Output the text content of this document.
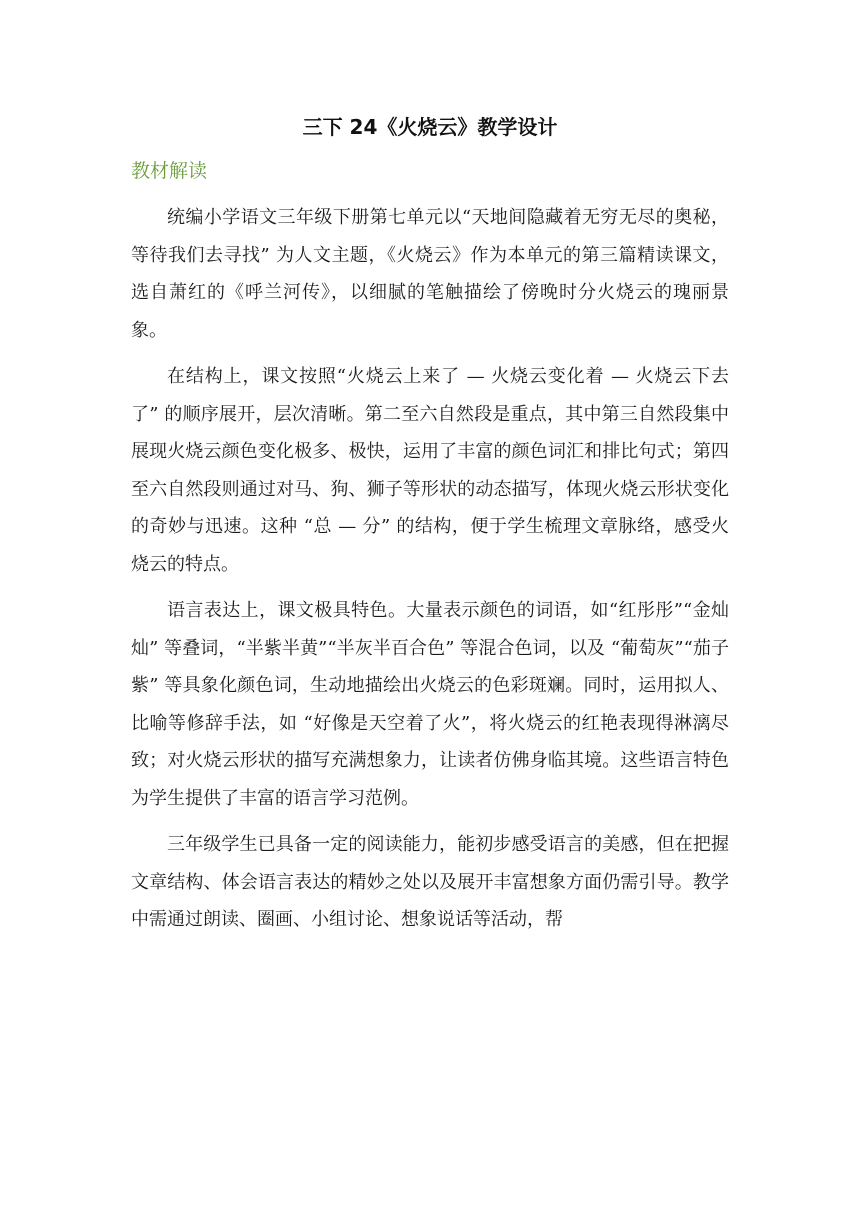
三下 24《火烧云》教学设计
教材解读

统编小学语文三年级下册第七单元以“天地间隐藏着无穷无尽的奥秘，等待我们去寻找” 为人文主题，《火烧云》作为本单元的第三篇精读课文，选自萧红的《呼兰河传》，以细腻的笔触描绘了傍晚时分火烧云的瑰丽景象。

在结构上，课文按照“火烧云上来了 — 火烧云变化着 — 火烧云下去了” 的顺序展开，层次清晰。第二至六自然段是重点，其中第三自然段集中展现火烧云颜色变化极多、极快，运用了丰富的颜色词汇和排比句式；第四至六自然段则通过对马、狗、狮子等形状的动态描写，体现火烧云形状变化的奇妙与迅速。这种 “总 — 分” 的结构，便于学生梳理文章脉络，感受火烧云的特点。

语言表达上，课文极具特色。大量表示颜色的词语，如“红彤彤”“金灿灿” 等叠词，“半紫半黄”“半灰半百合色” 等混合色词，以及 “葡萄灰”“茄子紫” 等具象化颜色词，生动地描绘出火烧云的色彩斑斓。同时，运用拟人、比喻等修辞手法，如 “好像是天空着了火”，将火烧云的红艳表现得淋漓尽致；对火烧云形状的描写充满想象力，让读者仿佛身临其境。这些语言特色为学生提供了丰富的语言学习范例。

三年级学生已具备一定的阅读能力，能初步感受语言的美感，但在把握文章结构、体会语言表达的精妙之处以及展开丰富想象方面仍需引导。教学中需通过朗读、圈画、小组讨论、想象说话等活动，帮
